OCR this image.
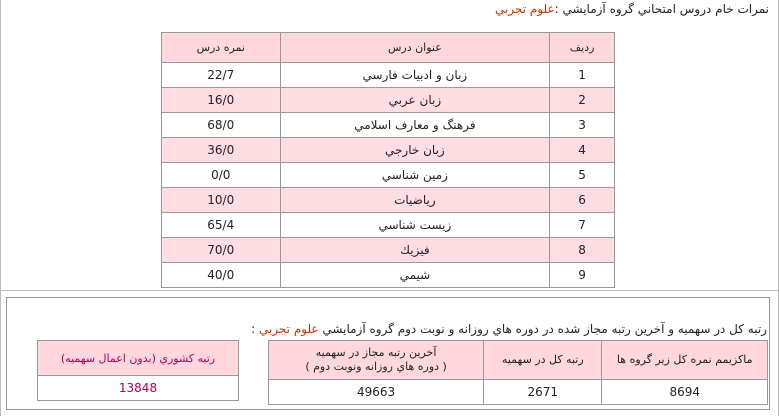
نمرات خام دروس امتحاني گروه آزمايشي :علوم تجربي
رديف	عنوان درس	نمره درس
1	زبان و ادبيات فارسي	22/7
2	زبان عربي	16/0
3	فرهنگ و معارف اسلامي	68/0
4	زبان خارجي	36/0
5	زمين شناسي	0/0
6	رياضيات	10/0
7	زيست شناسي	65/4
8	فيزيك	70/0
9	شيمي	40/0
رتبه كل در سهميه و آخرين رتبه مجاز شده در دوره هاي روزانه و نوبت دوم گروه آزمايشي علوم تجربي :
ماكزيمم نمره كل زير گروه ها	رتبه كل در سهميه	آخرين رتبه مجاز در سهميه
( دوره هاي روزانه ونوبت دوم )
8694	2671	49663
رتبه كشوري (بدون اعمال سهميه)
13848
